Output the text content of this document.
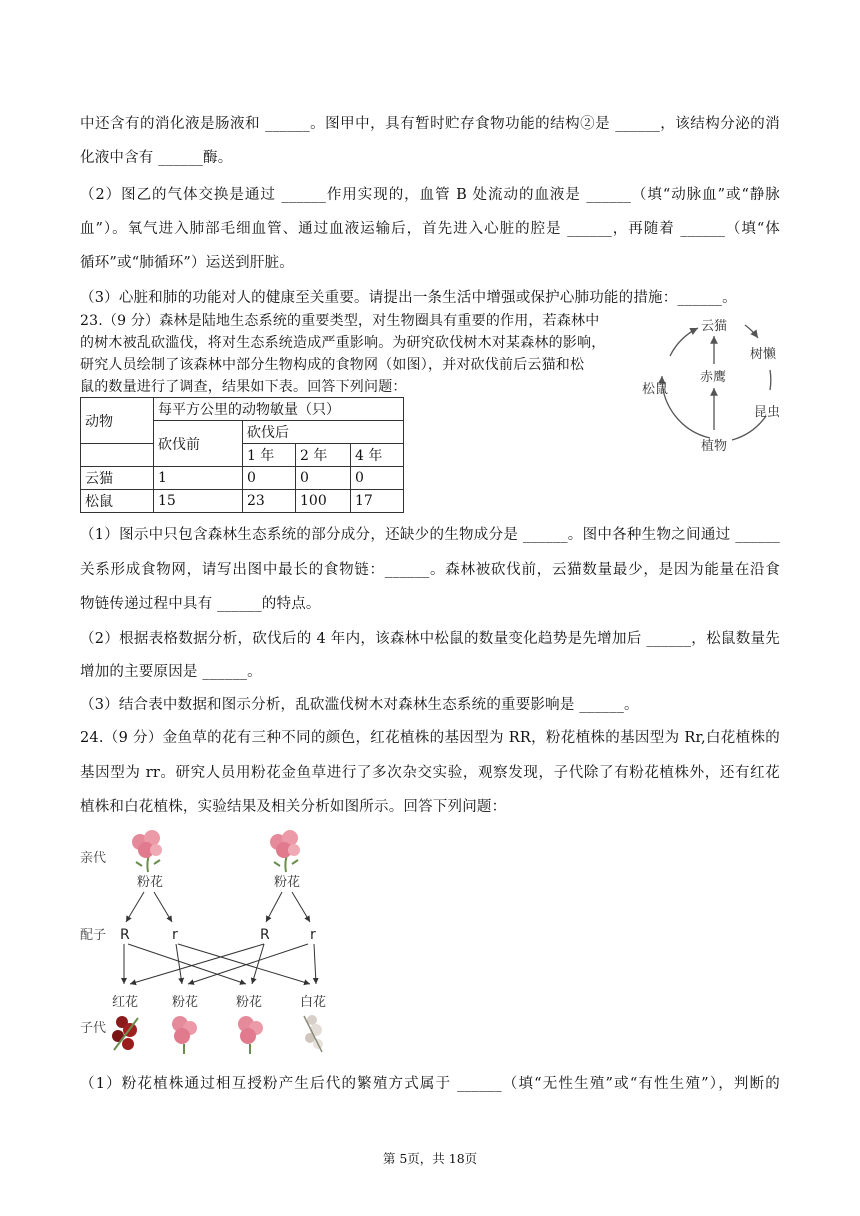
中还含有的消化液是肠液和 ______。图甲中，具有暂时贮存食物功能的结构②是 ______，该结构分泌的消
化液中含有 ______酶。
（2）图乙的气体交换是通过 ______作用实现的，血管 B 处流动的血液是 ______（填“动脉血”或“静脉
血”）。氧气进入肺部毛细血管、通过血液运输后，首先进入心脏的腔是 ______，再随着 ______（填“体
循环”或“肺循环”）运送到肝脏。
（3）心脏和肺的功能对人的健康至关重要。请提出一条生活中增强或保护心肺功能的措施：______。
23.（9 分）森林是陆地生态系统的重要类型，对生物圈具有重要的作用，若森林中
的树木被乱砍滥伐，将对生态系统造成严重影响。为研究砍伐树木对某森林的影响，
研究人员绘制了该森林中部分生物构成的食物网（如图），并对砍伐前后云猫和松
鼠的数量进行了调查，结果如下表。回答下列问题：
动物	每平方公里的动物敏量（只）			
	砍伐前	砍伐后		
		1 年	2 年	4 年
云猫	1	0	0	0
松鼠	15	23	100	17
云猫
树懒
松鼠
赤鹰
昆虫
植物
（1）图示中只包含森林生态系统的部分成分，还缺少的生物成分是 ______。图中各种生物之间通过 ______
关系形成食物网，请写出图中最长的食物链：______。森林被砍伐前，云猫数量最少，是因为能量在沿食
物链传递过程中具有 ______的特点。
（2）根据表格数据分析，砍伐后的 4 年内，该森林中松鼠的数量变化趋势是先增加后 ______，松鼠数量先
增加的主要原因是 ______。
（3）结合表中数据和图示分析，乱砍滥伐树木对森林生态系统的重要影响是 ______。
24.（9 分）金鱼草的花有三种不同的颜色，红花植株的基因型为 RR，粉花植株的基因型为 Rr,白花植株的
基因型为 rr。研究人员用粉花金鱼草进行了多次杂交实验，观察发现，子代除了有粉花植株外，还有红花
植株和白花植株，实验结果及相关分析如图所示。回答下列问题：
亲代
配子
子代
粉花	粉花
R	r	R	r
红花	粉花	粉花	白花
（1）粉花植株通过相互授粉产生后代的繁殖方式属于 ______（填“无性生殖”或“有性生殖”），判断的
第 5页，共 18页
